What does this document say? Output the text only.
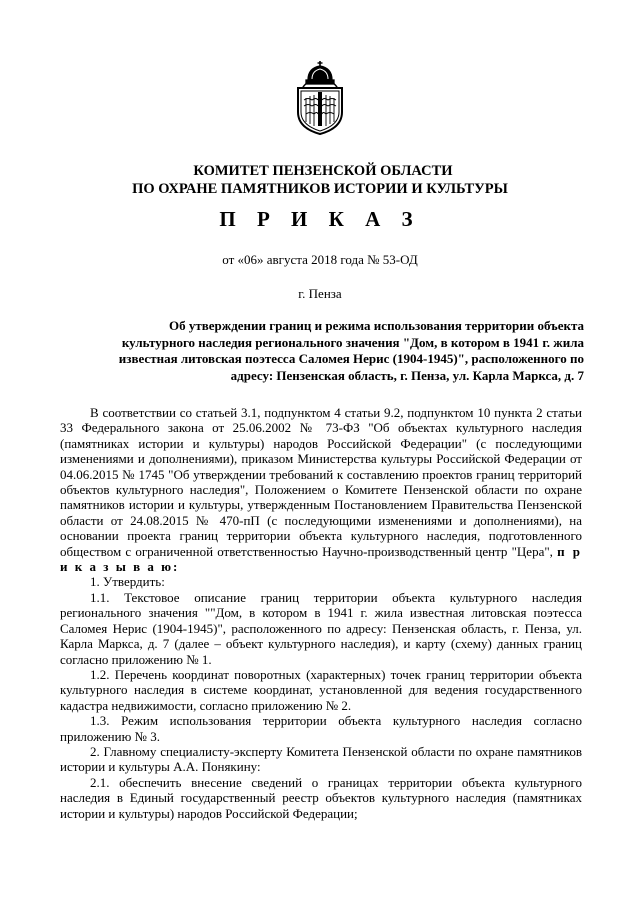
КОМИТЕТ ПЕНЗЕНСКОЙ ОБЛАСТИ
ПО ОХРАНЕ ПАМЯТНИКОВ ИСТОРИИ И КУЛЬТУРЫ
П Р И К А З
от «06» августа 2018 года № 53-ОД
г. Пенза
Об утверждении границ и режима использования территории объекта
культурного наследия регионального значения "Дом, в котором в 1941 г. жила
известная литовская поэтесса Саломея Нерис (1904-1945)", расположенного по
адресу: Пензенская область, г. Пенза, ул. Карла Маркса, д. 7

В соответствии со статьей 3.1, подпунктом 4 статьи 9.2, подпунктом 10 пункта 2 статьи 33 Федерального закона от 25.06.2002 № 73-ФЗ "Об объектах культурного наследия (памятниках истории и культуры) народов Российской Федерации" (с последующими изменениями и дополнениями), приказом Министерства культуры Российской Федерации от 04.06.2015 № 1745 "Об утверждении требований к составлению проектов границ территорий объектов культурного наследия", Положением о Комитете Пензенской области по охране памятников истории и культуры, утвержденным Постановлением Правительства Пензенской области от 24.08.2015 № 470-пП (с последующими изменениями и дополнениями), на основании проекта границ территории объекта культурного наследия, подготовленного обществом с ограниченной ответственностью Научно-производственный центр "Цера", п р и к а з ы в а ю:

1. Утвердить:

1.1. Текстовое описание границ территории объекта культурного наследия регионального значения ""Дом, в котором в 1941 г. жила известная литовская поэтесса Саломея Нерис (1904-1945)", расположенного по адресу: Пензенская область, г. Пенза, ул. Карла Маркса, д. 7 (далее – объект культурного наследия), и карту (схему) данных границ согласно приложению № 1.

1.2. Перечень координат поворотных (характерных) точек границ территории объекта культурного наследия в системе координат, установленной для ведения государственного кадастра недвижимости, согласно приложению № 2.

1.3. Режим использования территории объекта культурного наследия согласно приложению № 3.

2. Главному специалисту-эксперту Комитета Пензенской области по охране памятников истории и культуры А.А. Понякину:

2.1. обеспечить внесение сведений о границах территории объекта культурного наследия в Единый государственный реестр объектов культурного наследия (памятниках истории и культуры) народов Российской Федерации;
